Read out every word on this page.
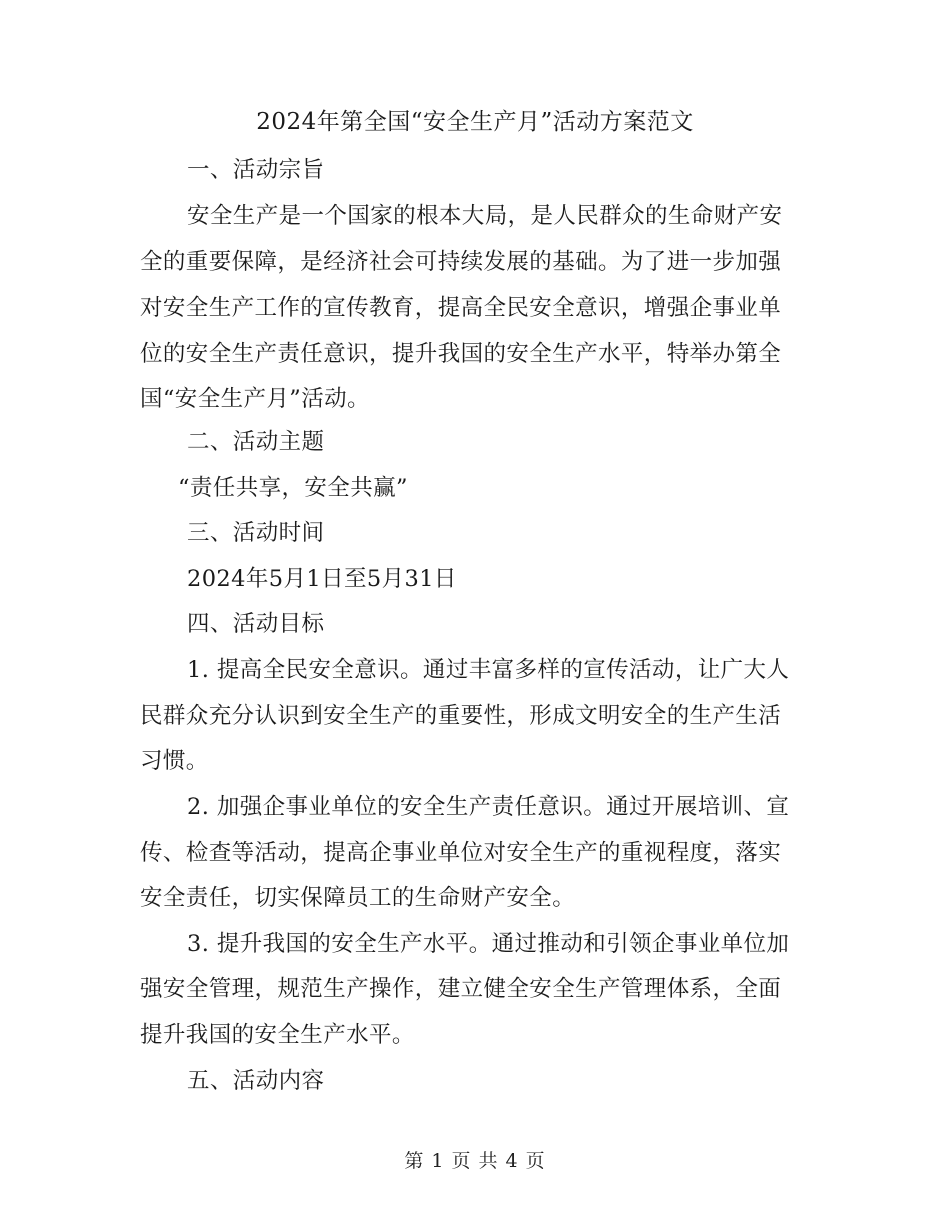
2024年第全国“安全生产月”活动方案范文
一、活动宗旨
安全生产是一个国家的根本大局，是人民群众的生命财产安
全的重要保障，是经济社会可持续发展的基础。为了进一步加强
对安全生产工作的宣传教育，提高全民安全意识，增强企事业单
位的安全生产责任意识，提升我国的安全生产水平，特举办第全
国“安全生产月”活动。
二、活动主题
“责任共享，安全共赢”
三、活动时间
2024年5月1日至5月31日
四、活动目标
1. 提高全民安全意识。通过丰富多样的宣传活动，让广大人
民群众充分认识到安全生产的重要性，形成文明安全的生产生活
习惯。
2. 加强企事业单位的安全生产责任意识。通过开展培训、宣
传、检查等活动，提高企事业单位对安全生产的重视程度，落实
安全责任，切实保障员工的生命财产安全。
3. 提升我国的安全生产水平。通过推动和引领企事业单位加
强安全管理，规范生产操作，建立健全安全生产管理体系，全面
提升我国的安全生产水平。
五、活动内容
第 1 页 共 4 页
